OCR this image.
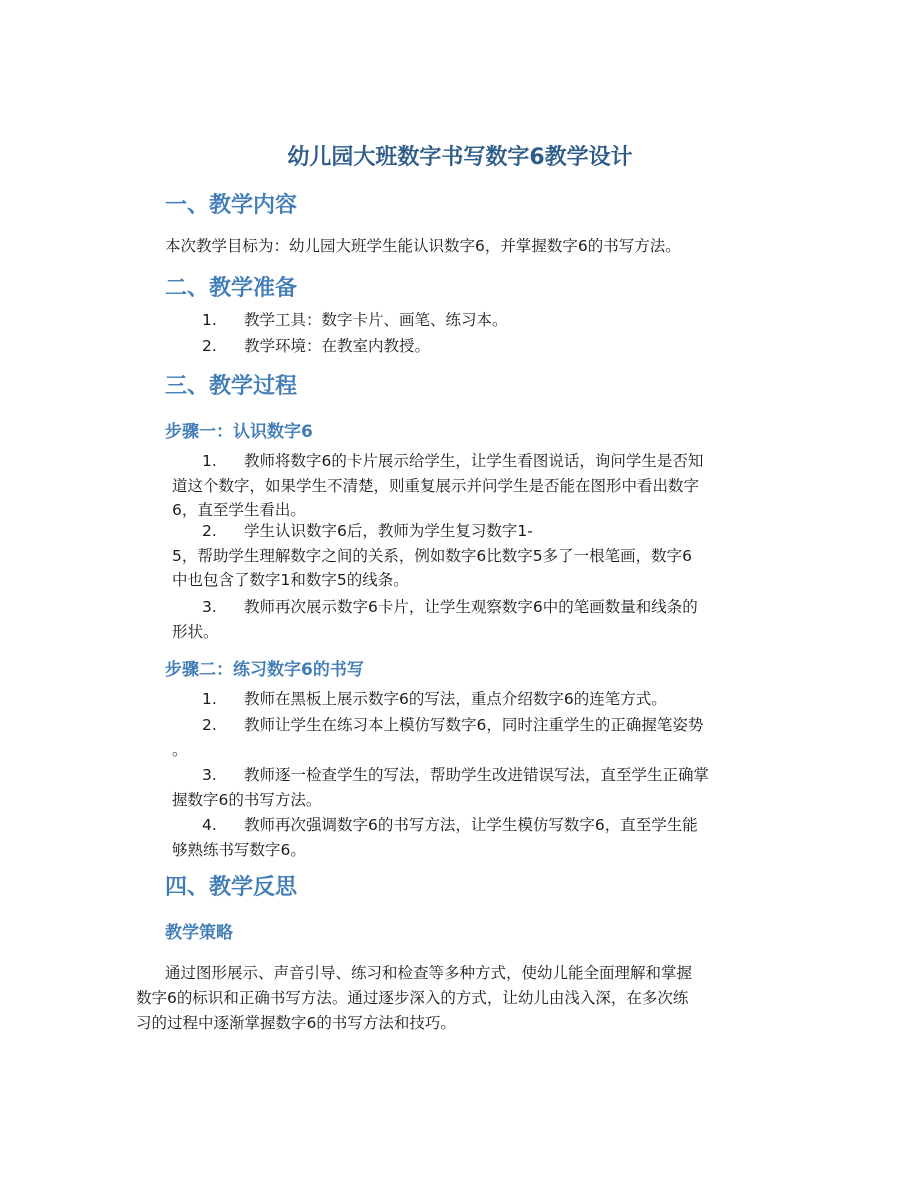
幼儿园大班数字书写数字6教学设计
一、教学内容

本次教学目标为：幼儿园大班学生能认识数字6，并掌握数字6的书写方法。

二、教学准备
1.	教学工具：数字卡片、画笔、练习本。
2.	教学环境：在教室内教授。
三、教学过程
步骤一：认识数字6
1.	教师将数字6的卡片展示给学生，让学生看图说话，询问学生是否知
道这个数字，如果学生不清楚，则重复展示并问学生是否能在图形中看出数字
6，直至学生看出。
2.	学生认识数字6后，教师为学生复习数字1-
5，帮助学生理解数字之间的关系，例如数字6比数字5多了一根笔画，数字6
中也包含了数字1和数字5的线条。
3.	教师再次展示数字6卡片，让学生观察数字6中的笔画数量和线条的
形状。
步骤二：练习数字6的书写
1.	教师在黑板上展示数字6的写法，重点介绍数字6的连笔方式。
2.	教师让学生在练习本上模仿写数字6，同时注重学生的正确握笔姿势
。
3.	教师逐一检查学生的写法，帮助学生改进错误写法，直至学生正确掌
握数字6的书写方法。
4.	教师再次强调数字6的书写方法，让学生模仿写数字6，直至学生能
够熟练书写数字6。
四、教学反思
教学策略

通过图形展示、声音引导、练习和检查等多种方式，使幼儿能全面理解和掌握

数字6的标识和正确书写方法。通过逐步深入的方式，让幼儿由浅入深，在多次练

习的过程中逐渐掌握数字6的书写方法和技巧。
